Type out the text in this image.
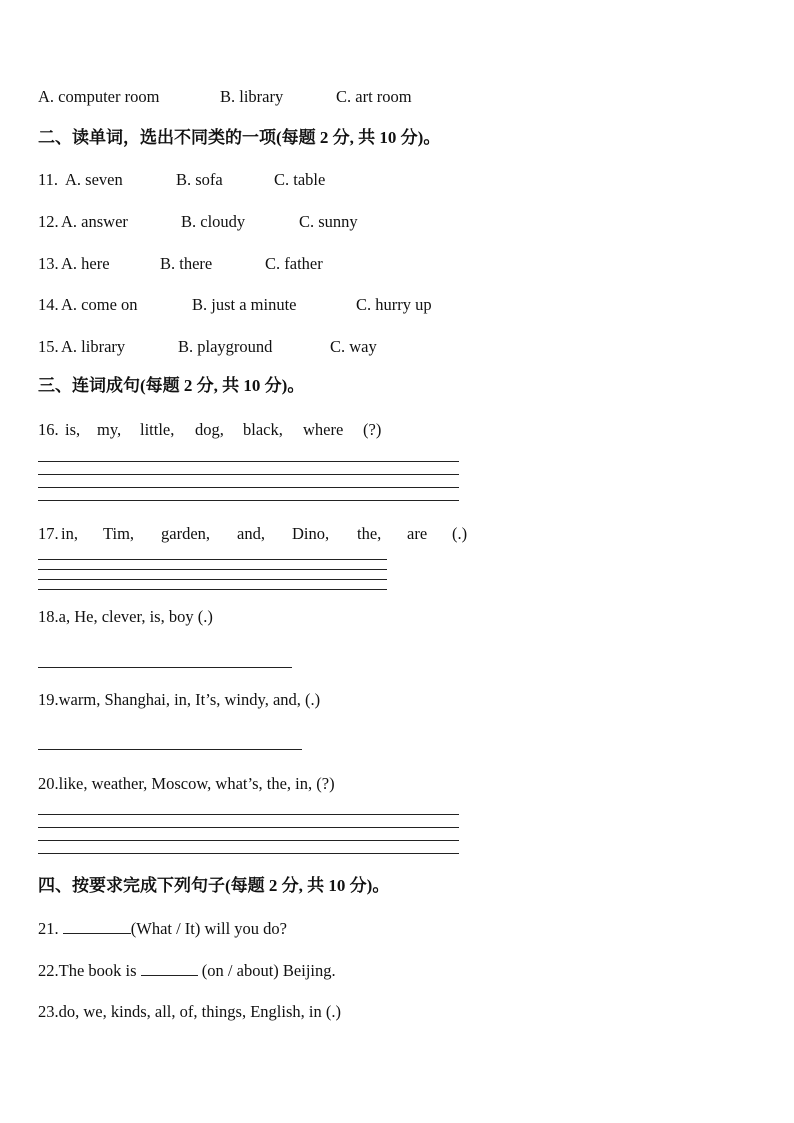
A. computer room	B. library	C. art room
二、读单词，选出不同类的一项(每题 2 分, 共 10 分)。
11. A. seven	B. sofa	C. table
12. A. answer	B. cloudy	C. sunny
13. A. here	B. there	C. father
14. A. come on	B. just a minute	C. hurry up
15. A. library	B. playground	C. way
三、连词成句(每题 2 分, 共 10 分)。
16. is, my, little, dog, black, where (?)
17. in, Tim, garden, and, Dino, the, are (.)
18.a, He, clever, is, boy (.)
19.warm, Shanghai, in, It’s, windy, and, (.)
20.like, weather, Moscow, what’s, the, in, (?)
四、按要求完成下列句子(每题 2 分, 共 10 分)。
21.	(What / It) will you do?
22.The book is	(on / about) Beijing.
23.do, we, kinds, all, of, things, English, in (.)
